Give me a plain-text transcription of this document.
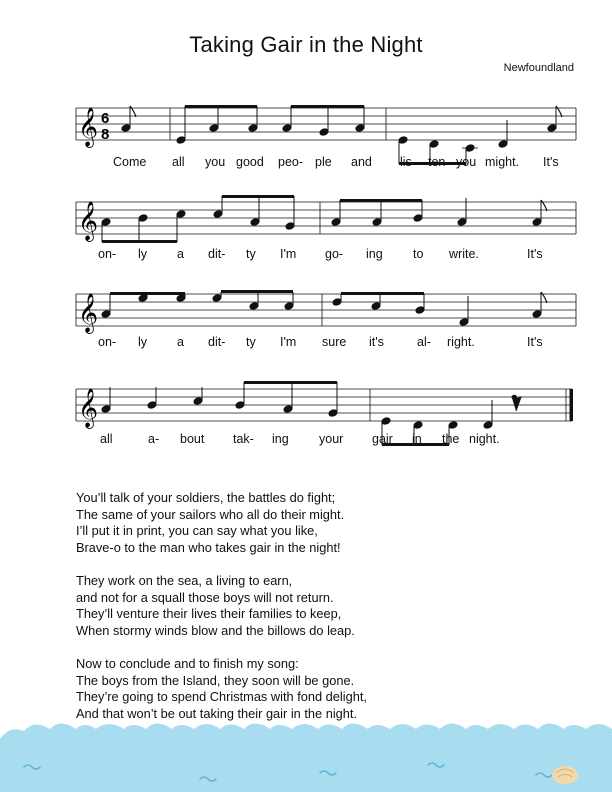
Taking Gair in the Night
Newfoundland
𝄞 6
8
Come all you good peo- ple and lis- ten you might. It's
𝄞
on- ly a dit- ty I'm go- ing to write.	It's
𝄞
on- ly a dit- ty I'm sure it's	al- right.	It's
𝄞
all	a- bout tak- ing your gair in the night.
You’ll talk of your soldiers, the battles do fight;
The same of your sailors who all do their might.
I’ll put it in print, you can say what you like,
Brave-o to the man who takes gair in the night!
They work on the sea, a living to earn,
and not for a squall those boys will not return.
They’ll venture their lives their families to keep,
When stormy winds blow and the billows do leap.
Now to conclude and to finish my song:
The boys from the Island, they soon will be gone.
They’re going to spend Christmas with fond delight,
And that won’t be out taking their gair in the night.
